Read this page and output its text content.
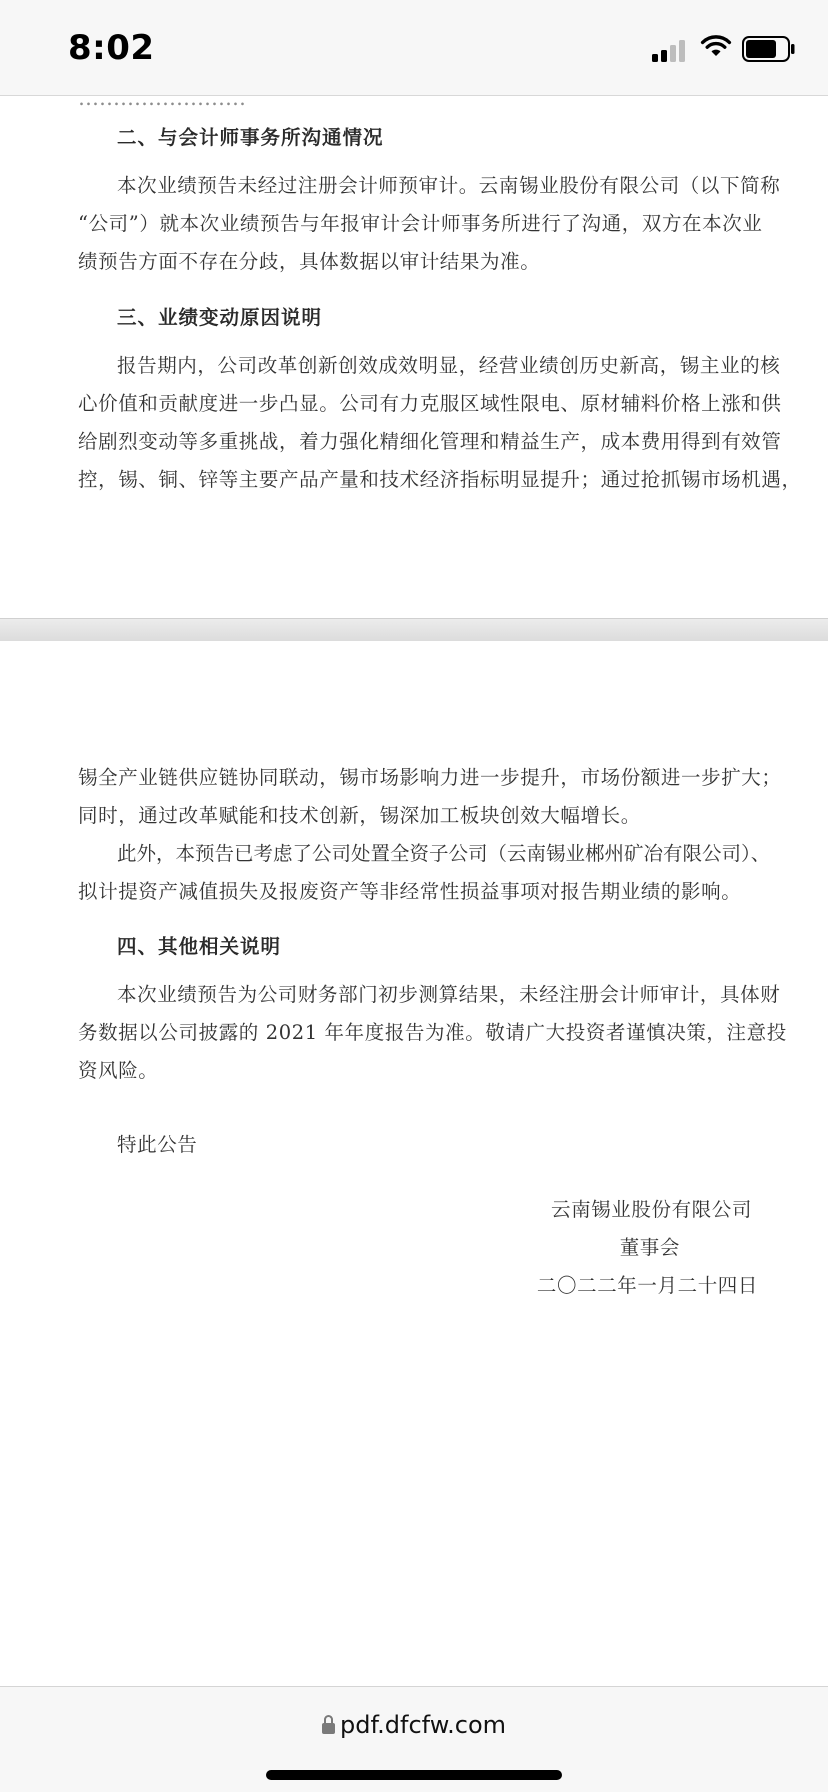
8:02
……………………
二、与会计师事务所沟通情况
本次业绩预告未经过注册会计师预审计。云南锡业股份有限公司（以下简称
“公司”）就本次业绩预告与年报审计会计师事务所进行了沟通，双方在本次业
绩预告方面不存在分歧，具体数据以审计结果为准。
三、业绩变动原因说明
报告期内，公司改革创新创效成效明显，经营业绩创历史新高，锡主业的核
心价值和贡献度进一步凸显。公司有力克服区域性限电、原材辅料价格上涨和供
给剧烈变动等多重挑战，着力强化精细化管理和精益生产，成本费用得到有效管
控，锡、铜、锌等主要产品产量和技术经济指标明显提升；通过抢抓锡市场机遇，
锡全产业链供应链协同联动，锡市场影响力进一步提升，市场份额进一步扩大；
同时，通过改革赋能和技术创新，锡深加工板块创效大幅增长。
此外，本预告已考虑了公司处置全资子公司（云南锡业郴州矿冶有限公司）、
拟计提资产减值损失及报废资产等非经常性损益事项对报告期业绩的影响。
四、其他相关说明
本次业绩预告为公司财务部门初步测算结果，未经注册会计师审计，具体财
务数据以公司披露的 2021 年年度报告为准。敬请广大投资者谨慎决策，注意投
资风险。
特此公告
云南锡业股份有限公司
董事会
二〇二二年一月二十四日
pdf.dfcfw.com
